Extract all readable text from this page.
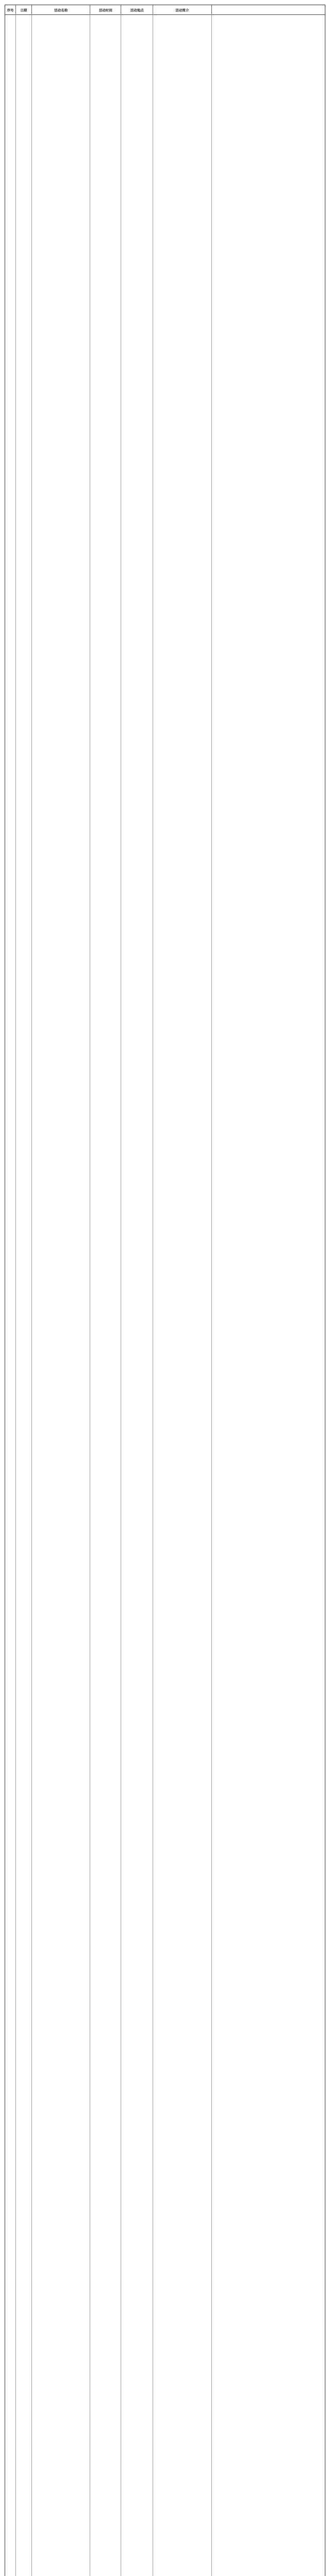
序号	日期	活动名称	活动时间	活动地点	活动简介
